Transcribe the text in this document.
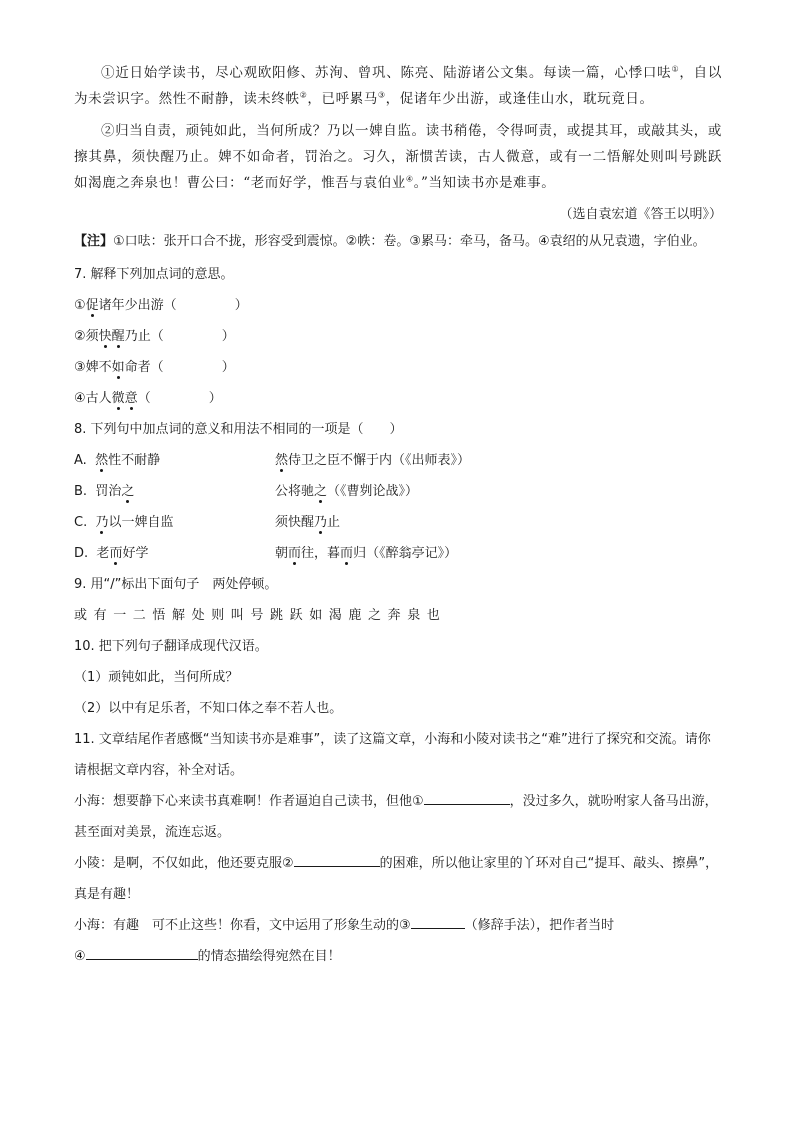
①近日始学读书，尽心观欧阳修、苏洵、曾巩、陈亮、陆游诸公文集。每读一篇，心悸口呿①，自以为未尝识字。然性不耐静，读未终帙②，已呼累马③，促诸年少出游，或逢佳山水，耽玩竟日。

②归当自责，顽钝如此，当何所成？乃以一婢自监。读书稍倦，令得呵责，或提其耳，或敲其头，或擦其鼻，须快醒乃止。婢不如命者，罚治之。习久，渐惯苦读，古人微意，或有一二悟解处则叫号跳跃如渴鹿之奔泉也！曹公曰：“老而好学，惟吾与袁伯业④。”当知读书亦是难事。

（选自袁宏道《答王以明》）

【注】①口呿：张开口合不拢，形容受到震惊。②帙：卷。③累马：牵马，备马。④袁绍的从兄袁遗，字伯业。

7. 解释下列加点词的意思。

①促诸年少出游（	）

②须快醒乃止（	）

③婢不如命者（	）

④古人微意（	）

8. 下列句中加点词的意义和用法不相同的一项是（　　）

A. 然性不耐静	然侍卫之臣不懈于内（《出师表》）
B. 罚治之	公将驰之（《曹刿论战》）
C. 乃以一婢自监	须快醒乃止
D. 老而好学	朝而往，暮而归（《醉翁亭记》）

9. 用“/”标出下面句子　两处停顿。

或有一二悟解处则叫号跳跃如渴鹿之奔泉也

10. 把下列句子翻译成现代汉语。

（1）顽钝如此，当何所成？

（2）以中有足乐者，不知口体之奉不若人也。

11. 文章结尾作者感慨“当知读书亦是难事”，读了这篇文章，小海和小陵对读书之“难”进行了探究和交流。请你请根据文章内容，补全对话。

小海：想要静下心来读书真难啊！作者逼迫自己读书，但他①	，没过多久，就吩咐家人备马出游，甚至面对美景，流连忘返。

小陵：是啊，不仅如此，他还要克服②	的困难，所以他让家里的丫环对自己“提耳、敲头、擦鼻”，真是有趣！

小海：有趣　可不止这些！你看，文中运用了形象生动的③	（修辞手法），把作者当时
④	的情态描绘得宛然在目！
